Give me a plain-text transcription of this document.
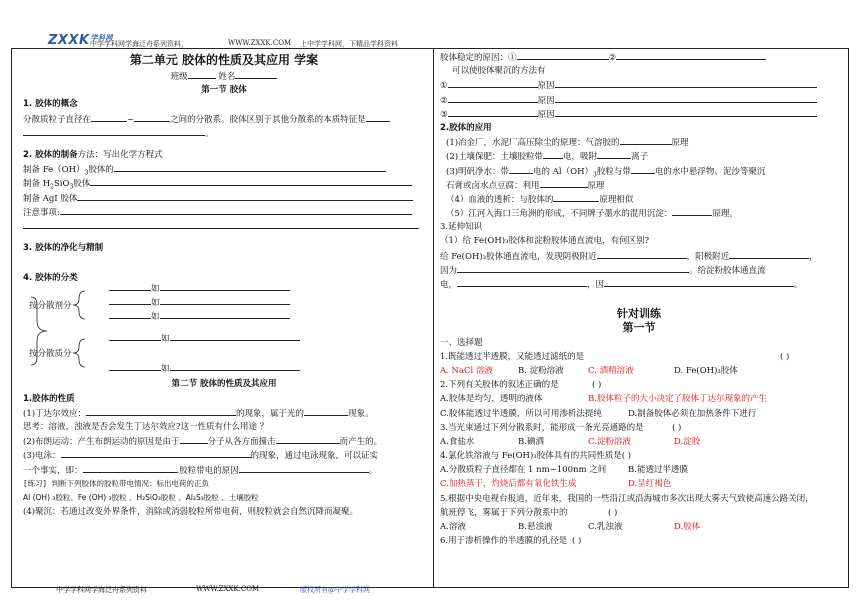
$ZXXK^{学科网}$
中学学科网学海泛舟系列资料，	WWW.ZXXK.COM 上中学学科网，下精品学科资料
第二单元 胶体的性质及其应用 学案
班级	姓名
第一节 胶体
1. 胶体的概念
分散质粒子直径在	~	之间的分散系。胶体区别于其他分散系的本质特征是
。
2. 胶体的制备方法：写出化学方程式
制备 $Fe(OH)_3$胶体的
制备 $H_2SiO_3$胶体
制备 AgI 胶体
注意事项:
3. 胶体的净化与精制
4. 胶体的分类
按分散剂分
按分散质分
如
如
如
如
如
第二节 胶体的性质及其应用
1.胶体的性质
(1)丁达尔效应：	的现象，属于光的	现象。
思考：溶液，浊液是否会发生丁达尔效应?这一性质有什么用途 ？
(2)布朗运动：产生布朗运动的原因是由于	分子从各方面撞击	而产生的。
(3)电泳：	的现象，通过电泳现象，可以证实
一个事实，即：	.胶粒带电的原因	。
[练习] 判断下列胶体的胶粒带电情况：标出电荷的正负
Al (OH) ₃胶粒、Fe (OH) ₃胶粒 、H₂SiO₃胶粒 、Al₂S₃胶粒 、土壤胶粒
(4)聚沉：若通过改变外界条件，消除或消弱胶粒所带电荷，则胶粒就会自然沉降而凝聚。
胶体稳定的原因：①	②
可以使胶体聚沉的方法有
①	原因
②	原因
③	原因
2.胶体的应用
(1)冶金厂，水泥厂高压除尘的原理：气溶胶的	原理
(2)土壤保肥：土壤胶粒带 电，吸附	离子
(3)明矾净水：带	电的 $Al(OH)_3$胶粒与带	电的水中悬浮物、泥沙等聚沉
石膏或卤水点豆腐：利用	原理
（4）血液的透析：与胶体的	原理相似
（5）江河入海口三角洲的形成，不同牌子墨水的混用沉淀：	原理。
3.延伸知识
（1）给 Fe(OH)₃胶体和淀粉胶体通直流电，有何区别?
给 Fe(OH)₃胶体通直流电，发现阴极附近	，阳极附近	，
因为	。给淀粉胶体通直流
电，	，因	。
针对训练
第一节
一、选择题
1.既能透过半透膜，又能透过滤纸的是	( )
A. NaCl 溶液	B. 淀粉溶液	C. 酒精溶液	D. Fe(OH)₃胶体
2.下列有关胶体的叙述正确的是	( )
A.胶体是均匀，透明的液体	B.胶体粒子的大小决定了胶体丁达尔现象的产生
C.胶体能透过半透膜，所以可用渗析法提纯	D.制备胶体必须在加热条件下进行
3.当光束通过下列分散系时，能形成一条光亮通路的是	( )
A.食盐水	B.碘酒	C.淀粉溶液	D.淀胶
4.氯化铁溶液与 Fe(OH)₃胶体具有的共同性质是( )
A.分散质粒子直径都在 1 nm~100nm 之间	B.能透过半透膜
C.加热蒸干，灼烧后都有氧化铁生成	D.呈红褐色
5.根据中央电视台报道，近年来，我国的一些沿江或沿海城市多次出现大雾天气致使高速公路关闭，
航班停飞，雾属于下列分散系中的	( )
A.溶液	B.悬浊液	C.乳浊液	D.胶体
6.用于渗析操作的半透膜的孔径是 ( )
中学学科网学海泛舟系列资料	WWW.ZXXK.COM	版权所有@中学学科网
